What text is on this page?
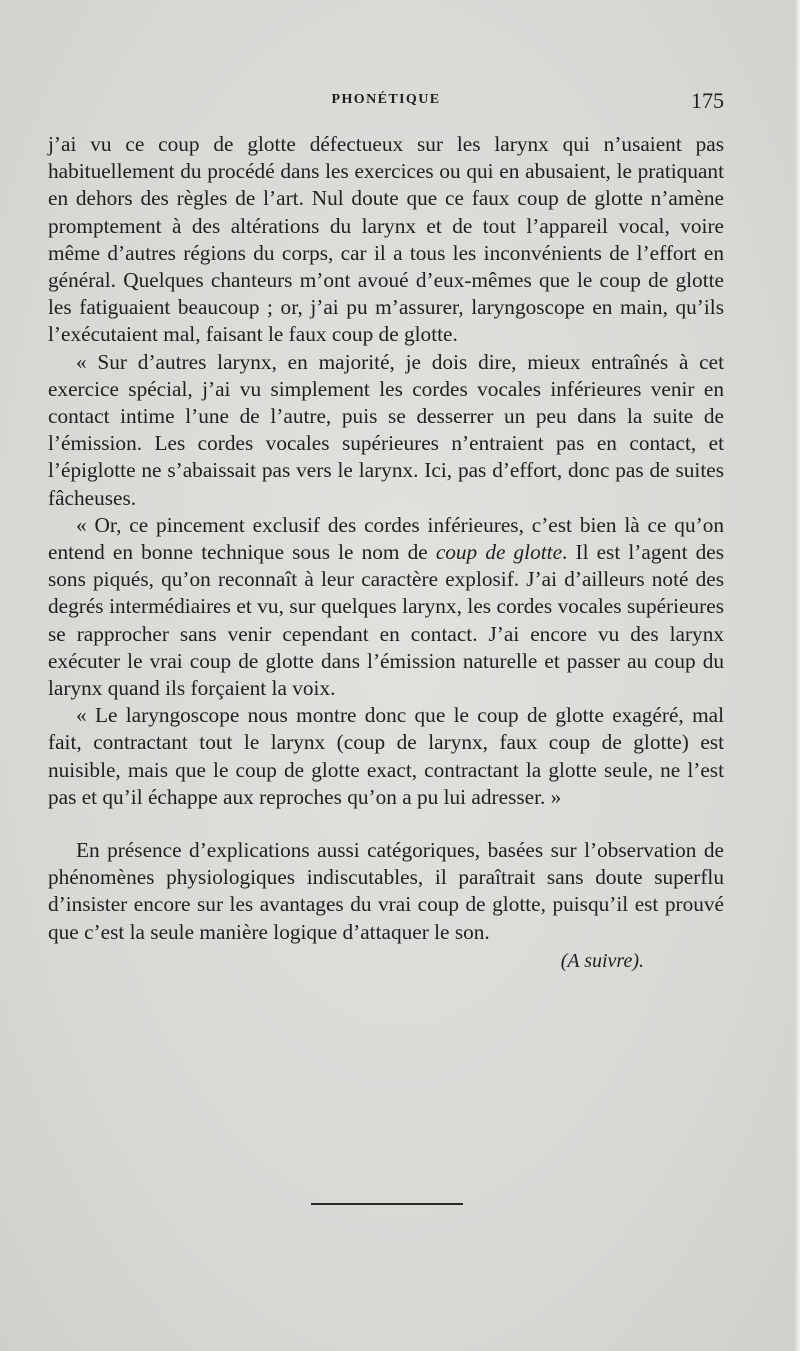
PHONÉTIQUE	175

j’ai vu ce coup de glotte défectueux sur les larynx qui n’usaient pas habituellement du procédé dans les exercices ou qui en abusaient, le pratiquant en dehors des règles de l’art. Nul doute que ce faux coup de glotte n’amène promptement à des altérations du larynx et de tout l’appareil vocal, voire même d’autres régions du corps, car il a tous les inconvénients de l’effort en général. Quelques chanteurs m’ont avoué d’eux-mêmes que le coup de glotte les fatiguaient beaucoup ; or, j’ai pu m’assurer, laryngoscope en main, qu’ils l’exécutaient mal, faisant le faux coup de glotte.

« Sur d’autres larynx, en majorité, je dois dire, mieux entraînés à cet exercice spécial, j’ai vu simplement les cordes vocales inférieures venir en contact intime l’une de l’autre, puis se desserrer un peu dans la suite de l’émission. Les cordes vocales supérieures n’entraient pas en contact, et l’épiglotte ne s’abaissait pas vers le larynx. Ici, pas d’effort, donc pas de suites fâcheuses.

« Or, ce pincement exclusif des cordes inférieures, c’est bien là ce qu’on entend en bonne technique sous le nom de coup de glotte. Il est l’agent des sons piqués, qu’on reconnaît à leur caractère explosif. J’ai d’ailleurs noté des degrés intermédiaires et vu, sur quelques larynx, les cordes vocales supérieures se rapprocher sans venir cependant en contact. J’ai encore vu des larynx exécuter le vrai coup de glotte dans l’émission naturelle et passer au coup du larynx quand ils forçaient la voix.

« Le laryngoscope nous montre donc que le coup de glotte exagéré, mal fait, contractant tout le larynx (coup de larynx, faux coup de glotte) est nuisible, mais que le coup de glotte exact, contractant la glotte seule, ne l’est pas et qu’il échappe aux reproches qu’on a pu lui adresser. »

En présence d’explications aussi catégoriques, basées sur l’observation de phénomènes physiologiques indiscutables, il paraîtrait sans doute superflu d’insister encore sur les avantages du vrai coup de glotte, puisqu’il est prouvé que c’est la seule manière logique d’attaquer le son.

(A suivre).
